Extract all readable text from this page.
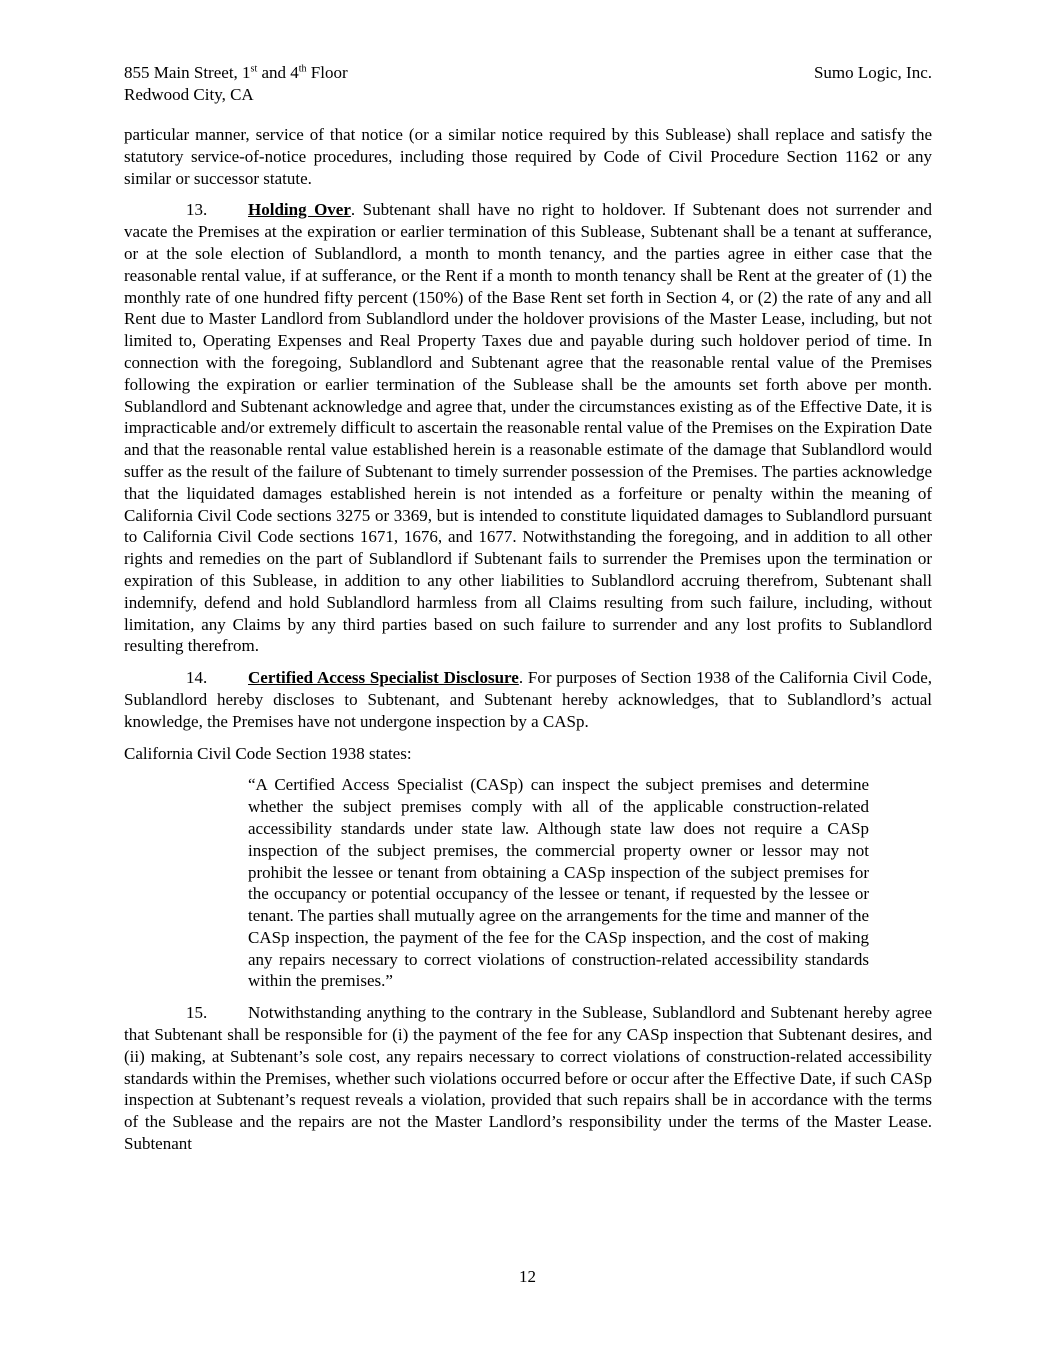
855 Main Street, 1st and 4th Floor
Redwood City, CA
Sumo Logic, Inc.

particular manner, service of that notice (or a similar notice required by this Sublease) shall replace and satisfy the statutory service-of-notice procedures, including those required by Code of Civil Procedure Section 1162 or any similar or successor statute.

13. Holding Over. Subtenant shall have no right to holdover. If Subtenant does not surrender and vacate the Premises at the expiration or earlier termination of this Sublease, Subtenant shall be a tenant at sufferance, or at the sole election of Sublandlord, a month to month tenancy, and the parties agree in either case that the reasonable rental value, if at sufferance, or the Rent if a month to month tenancy shall be Rent at the greater of (1) the monthly rate of one hundred fifty percent (150%) of the Base Rent set forth in Section 4, or (2) the rate of any and all Rent due to Master Landlord from Sublandlord under the holdover provisions of the Master Lease, including, but not limited to, Operating Expenses and Real Property Taxes due and payable during such holdover period of time. In connection with the foregoing, Sublandlord and Subtenant agree that the reasonable rental value of the Premises following the expiration or earlier termination of the Sublease shall be the amounts set forth above per month. Sublandlord and Subtenant acknowledge and agree that, under the circumstances existing as of the Effective Date, it is impracticable and/or extremely difficult to ascertain the reasonable rental value of the Premises on the Expiration Date and that the reasonable rental value established herein is a reasonable estimate of the damage that Sublandlord would suffer as the result of the failure of Subtenant to timely surrender possession of the Premises. The parties acknowledge that the liquidated damages established herein is not intended as a forfeiture or penalty within the meaning of California Civil Code sections 3275 or 3369, but is intended to constitute liquidated damages to Sublandlord pursuant to California Civil Code sections 1671, 1676, and 1677. Notwithstanding the foregoing, and in addition to all other rights and remedies on the part of Sublandlord if Subtenant fails to surrender the Premises upon the termination or expiration of this Sublease, in addition to any other liabilities to Sublandlord accruing therefrom, Subtenant shall indemnify, defend and hold Sublandlord harmless from all Claims resulting from such failure, including, without limitation, any Claims by any third parties based on such failure to surrender and any lost profits to Sublandlord resulting therefrom.

14. Certified Access Specialist Disclosure. For purposes of Section 1938 of the California Civil Code, Sublandlord hereby discloses to Subtenant, and Subtenant hereby acknowledges, that to Sublandlord’s actual knowledge, the Premises have not undergone inspection by a CASp.

California Civil Code Section 1938 states:

“A Certified Access Specialist (CASp) can inspect the subject premises and determine whether the subject premises comply with all of the applicable construction-related accessibility standards under state law. Although state law does not require a CASp inspection of the subject premises, the commercial property owner or lessor may not prohibit the lessee or tenant from obtaining a CASp inspection of the subject premises for the occupancy or potential occupancy of the lessee or tenant, if requested by the lessee or tenant. The parties shall mutually agree on the arrangements for the time and manner of the CASp inspection, the payment of the fee for the CASp inspection, and the cost of making any repairs necessary to correct violations of construction-related accessibility standards within the premises.”

15. Notwithstanding anything to the contrary in the Sublease, Sublandlord and Subtenant hereby agree that Subtenant shall be responsible for (i) the payment of the fee for any CASp inspection that Subtenant desires, and (ii) making, at Subtenant’s sole cost, any repairs necessary to correct violations of construction-related accessibility standards within the Premises, whether such violations occurred before or occur after the Effective Date, if such CASp inspection at Subtenant’s request reveals a violation, provided that such repairs shall be in accordance with the terms of the Sublease and the repairs are not the Master Landlord’s responsibility under the terms of the Master Lease. Subtenant

12
